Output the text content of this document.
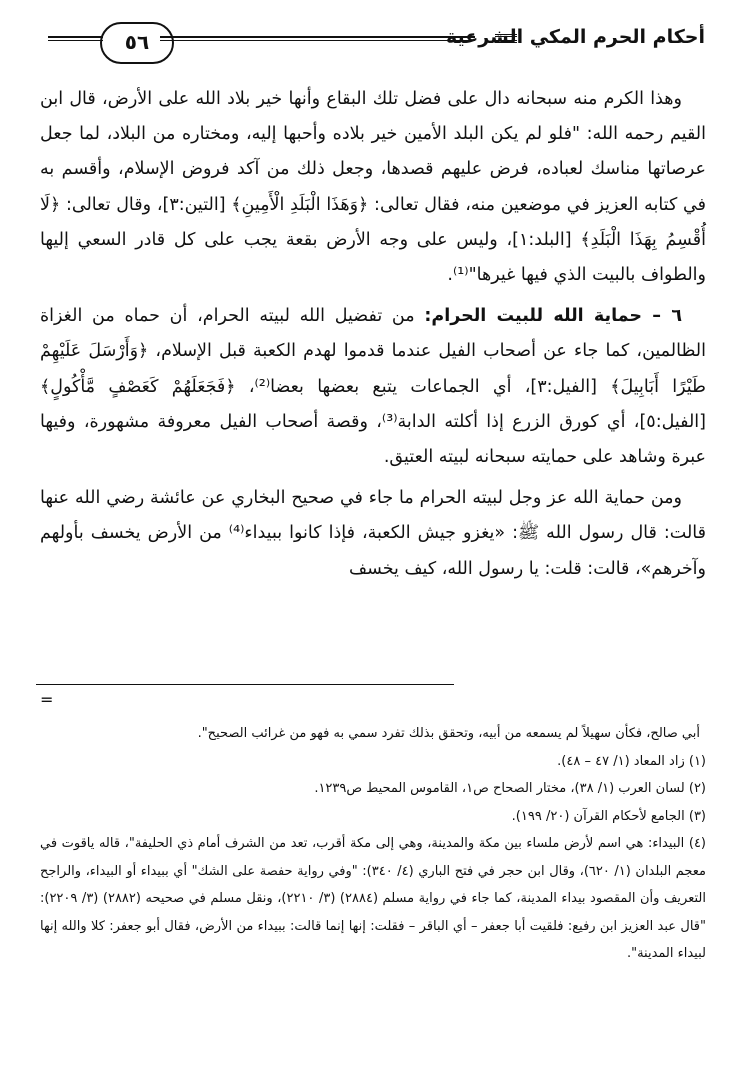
أحكام الحرم المكي الشرعية
٥٦

وهذا الكرم منه سبحانه دال على فضل تلك البقاع وأنها خير بلاد الله على الأرض، قال ابن القيم رحمه الله: "فلو لم يكن البلد الأمين خير بلاده وأحبها إليه، ومختاره من البلاد، لما جعل عرصاتها مناسك لعباده، فرض عليهم قصدها، وجعل ذلك من آكد فروض الإسلام، وأقسم به في كتابه العزيز في موضعين منه، فقال تعالى: ﴿وَهَذَا الْبَلَدِ الْأَمِينِ﴾ [التين:٣]، وقال تعالى: ﴿لَا أُقْسِمُ بِهَذَا الْبَلَدِ﴾ [البلد:١]، وليس على وجه الأرض بقعة يجب على كل قادر السعي إليها والطواف بالبيت الذي فيها غيرها"⁽¹⁾.

٦ – حماية الله للبيت الحرام: من تفضيل الله لبيته الحرام، أن حماه من الغزاة الظالمين، كما جاء عن أصحاب الفيل عندما قدموا لهدم الكعبة قبل الإسلام، ﴿وَأَرْسَلَ عَلَيْهِمْ طَيْرًا أَبَابِيلَ﴾ [الفيل:٣]، أي الجماعات يتبع بعضها بعضا⁽²⁾، ﴿فَجَعَلَهُمْ كَعَصْفٍ مَّأْكُولٍ﴾ [الفيل:٥]، أي كورق الزرع إذا أكلته الدابة⁽³⁾، وقصة أصحاب الفيل معروفة مشهورة، وفيها عبرة وشاهد على حمايته سبحانه لبيته العتيق.

ومن حماية الله عز وجل لبيته الحرام ما جاء في صحيح البخاري عن عائشة رضي الله عنها قالت: قال رسول الله ﷺ: «يغزو جيش الكعبة، فإذا كانوا ببيداء⁽⁴⁾ من الأرض يخسف بأولهم وآخرهم»، قالت: قلت: يا رسول الله، كيف يخسف

=

أبي صالح، فكأن سهيلاً لم يسمعه من أبيه، وتحقق بذلك تفرد سمي به فهو من غرائب الصحيح".

(١) زاد المعاد (١/ ٤٧ – ٤٨).

(٢) لسان العرب (١/ ٣٨)، مختار الصحاح ص١، القاموس المحيط ص١٢٣٩.

(٣) الجامع لأحكام القرآن (٢٠/ ١٩٩).

(٤) البيداء: هي اسم لأرض ملساء بين مكة والمدينة، وهي إلى مكة أقرب، تعد من الشرف أمام ذي الحليفة"، قاله ياقوت في معجم البلدان (١/ ٦٢٠)، وقال ابن حجر في فتح الباري (٤/ ٣٤٠): "وفي رواية حفصة على الشك" أي ببيداء أو البيداء، والراجح التعريف وأن المقصود بيداء المدينة، كما جاء في رواية مسلم (٢٨٨٤) (٣/ ٢٢١٠)، ونقل مسلم في صحيحه (٢٨٨٢) (٣/ ٢٢٠٩): "قال عبد العزيز ابن رفيع: فلقيت أبا جعفر – أي الباقر – فقلت: إنها إنما قالت: ببيداء من الأرض، فقال أبو جعفر: كلا والله إنها لبيداء المدينة".
